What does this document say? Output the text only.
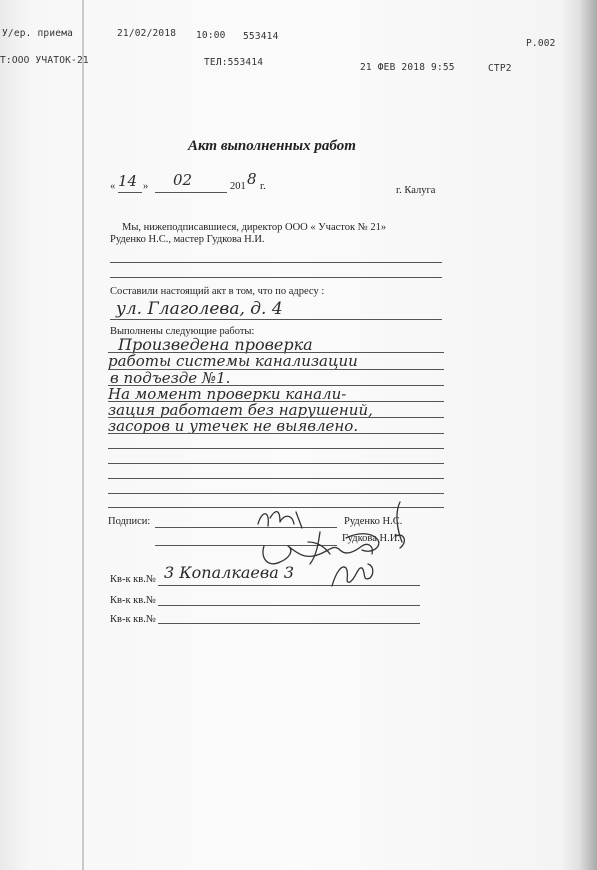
У/ер. приема	21/02/2018 10:00 553414
P.002
Т:ООО УЧАТОК-21	ТЕЛ:553414	21 ФЕВ 2018 9:55	СТР2
Акт выполненных работ
« 14 » 02	201 8 г.	г. Калуга
Мы, нижеподписавшиеся, директор ООО « Участок № 21»
Руденко Н.С., мастер Гудкова Н.И.
Составили настоящий акт в том, что по адресу :
ул. Глаголева, д. 4
Выполнены следующие работы:
Произведена проверка
работы системы канализации
в подъезде №1.
На момент проверки канали-
зация работает без нарушений,
засоров и утечек не выявлено.
Подписи:	Руденко Н.С.
Гудкова Н.И.
Кв-к кв.№ 3 Копалкаева 3
Кв-к кв.№
Кв-к кв.№
